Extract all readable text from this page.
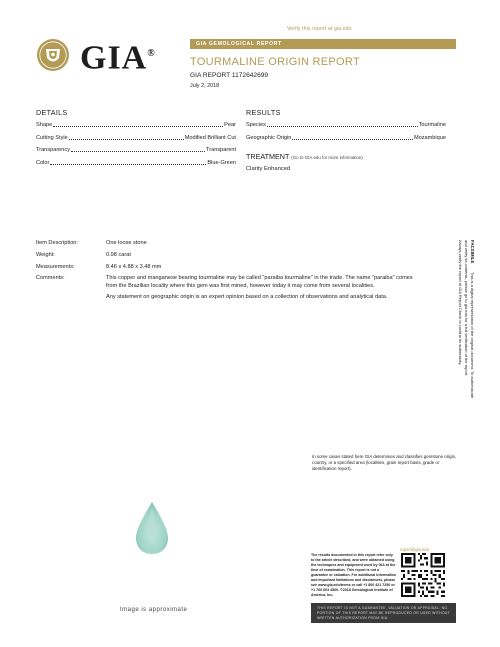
Verify this report at gia.edu
GIA®
GIA GEMOLOGICAL REPORT
TOURMALINE ORIGIN REPORT
GIA REPORT 1172642699
July 2, 2018
DETAILS
Shape	Pear
Cutting Style	Modified Brilliant Cut
Transparency	Transparent
Color	Blue-Green
RESULTS
Species	Tourmaline
Geographic Origin	Mozambique
TREATMENT (Go to GIA.edu for more information)
Clarity Enhanced
Item Description:	One loose stone
Weight:	0.98 carat
Measurements:	8.46 x 4.88 x 3.48 mm
Comments:	This copper and manganese bearing tourmaline may be called "paraiba tourmaline" in the trade. The name "paraiba" comes from the Brazilian locality where this gem was first mined, however today it may come from several localities.
Any statement on geographic origin is an expert opinion based on a collection of observations and analytical data.
FACSIMILE
This is a digital representation of the original document. To authenticate
and verify its contents, please go to gia.edu for a full verification of the report.
Always verify the report at GIA Report Check to confirm its authenticity.
In some cases stated here GIA determines and classifies gemstone origin, country, or a specified area (localities, grain report basis, grade or identification report).
Image is approximate
report@gia.edu
The results documented in this report refer only to the article described, and were obtained using the techniques and equipment used by GIA at the time of examination. This report is not a guarantee or valuation. For additional information and important limitations and disclaimers, please see www.gia.edu/terms or call +1 800 421 7250 or +1 760 603 4500. ©2018 Gemological Institute of America, Inc.
THIS REPORT IS NOT A GUARANTEE, VALUATION OR APPRAISAL. NO PORTION OF THIS REPORT MAY BE REPRODUCED OR USED WITHOUT WRITTEN AUTHORIZATION FROM GIA.
